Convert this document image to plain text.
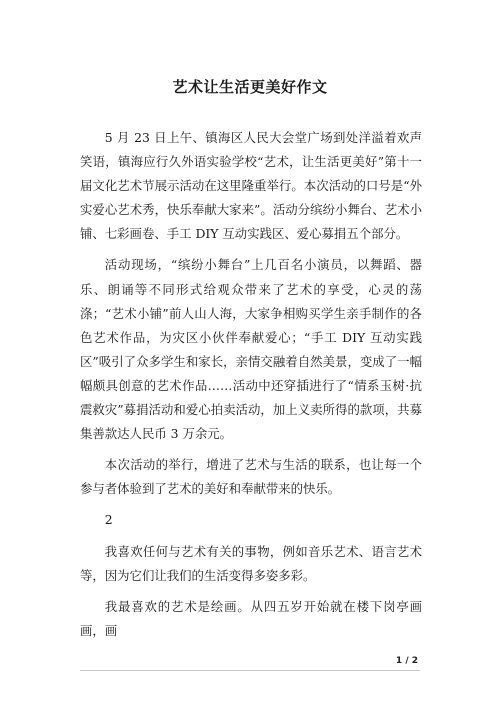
艺术让生活更美好作文

5 月 23 日上午、镇海区人民大会堂广场到处洋溢着欢声笑语，镇海应行久外语实验学校“艺术，让生活更美好”第十一届文化艺术节展示活动在这里隆重举行。本次活动的口号是“外实爱心艺术秀，快乐奉献大家来”。活动分缤纷小舞台、艺术小铺、七彩画卷、手工 DIY 互动实践区、爱心募捐五个部分。

活动现场，“缤纷小舞台”上几百名小演员，以舞蹈、器乐、朗诵等不同形式给观众带来了艺术的享受，心灵的荡涤；“艺术小铺”前人山人海，大家争相购买学生亲手制作的各色艺术作品，为灾区小伙伴奉献爱心；“手工 DIY 互动实践区”吸引了众多学生和家长，亲情交融着自然美景，变成了一幅幅颇具创意的艺术作品……活动中还穿插进行了“情系玉树·抗震救灾”募捐活动和爱心拍卖活动，加上义卖所得的款项，共募集善款达人民币 3 万余元。

本次活动的举行，增进了艺术与生活的联系，也让每一个参与者体验到了艺术的美好和奉献带来的快乐。

2

我喜欢任何与艺术有关的事物，例如音乐艺术、语言艺术等，因为它们让我们的生活变得多姿多彩。

我最喜欢的艺术是绘画。从四五岁开始就在楼下岗亭画画，画

1 / 2
